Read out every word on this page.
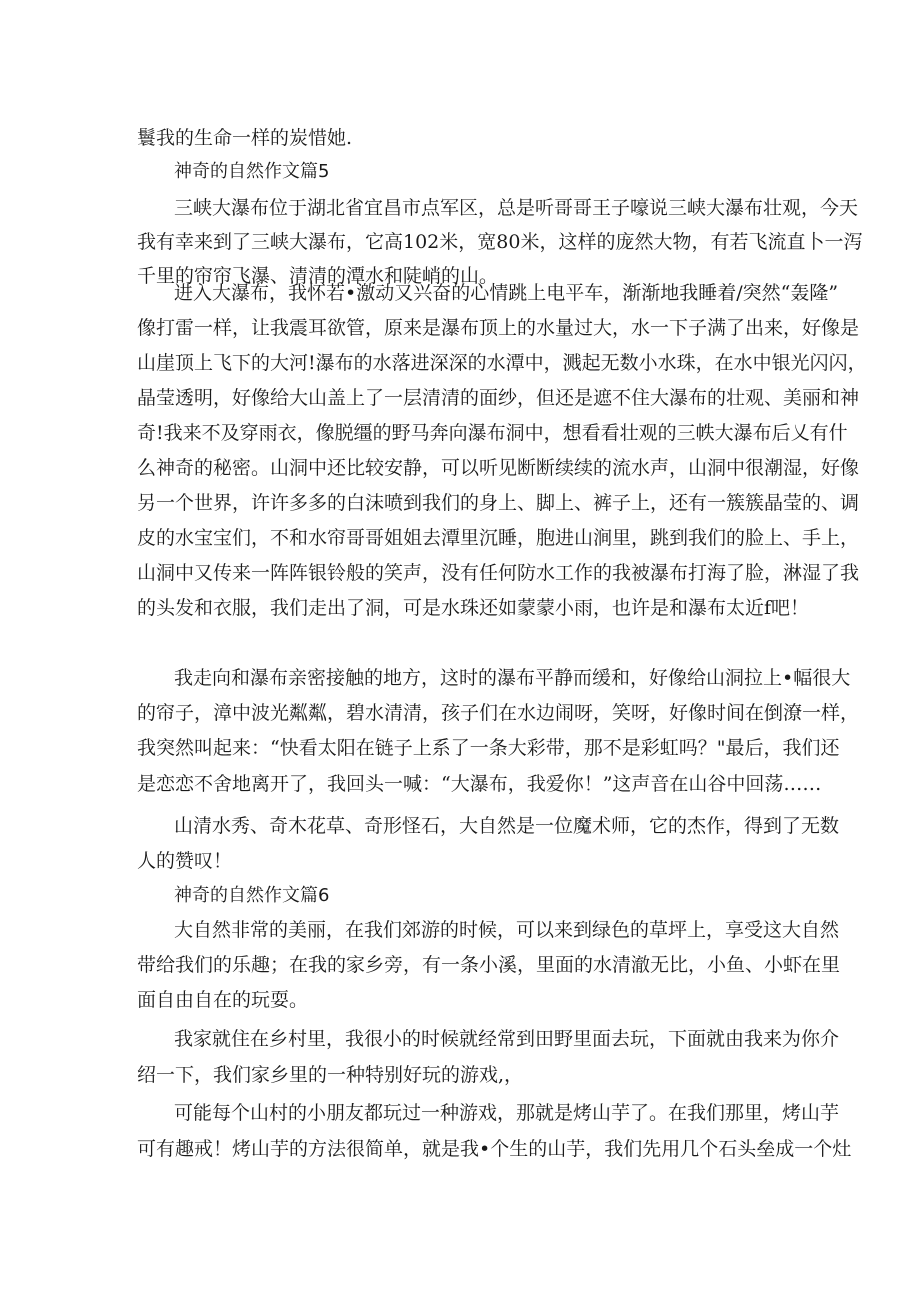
鬟我的生命一样的炭惜她.
神奇的自然作文篇5
三峡大瀑布位于湖北省宜昌市点军区，总是听哥哥王子嚎说三峡大瀑布壮观，今天
我有幸来到了三峡大瀑布，它高102米，宽80米，这样的庞然大物，有若飞流直卜一泻
千里的帘帘飞瀑、清清的潭水和陡峭的山。
进入大瀑布，我怀若•激动又兴奋的心情跳上电平车，渐渐地我睡着/突然“轰隆”
像打雷一样，让我震耳欲管，原来是瀑布顶上的水量过大，水一下子满了出来，好像是
山崖顶上飞下的大河!瀑布的水落进深深的水潭中，溅起无数小水珠，在水中银光闪闪，
晶莹透明，好像给大山盖上了一层清清的面纱，但还是遮不住大瀑布的壮观、美丽和神
奇!我来不及穿雨衣，像脱缰的野马奔向瀑布洞中，想看看壮观的三帙大瀑布后乂有什
么神奇的秘密。山洞中还比较安静，可以听见断断续续的流水声，山洞中很潮湿，好像
另一个世界，许许多多的白沫喷到我们的身上、脚上、裤子上，还有一簇簇晶莹的、调
皮的水宝宝们，不和水帘哥哥姐姐去潭里沉睡，胞进山涧里，跳到我们的脸上、手上，
山洞中又传来一阵阵银铃般的笑声，没有任何防水工作的我被瀑布打海了脸，淋湿了我
的头发和衣服，我们走出了洞，可是水珠还如蒙蒙小雨，也许是和瀑布太近f吧！
我走向和瀑布亲密接触的地方，这时的瀑布平静而缓和，好像给山洞拉上•幅很大
的帘子，漳中波光粼粼，碧水清清，孩子们在水边闹呀，笑呀，好像时间在倒潦一样，
我突然叫起来：“快看太阳在链子上系了一条大彩带，那不是彩虹吗？"最后，我们还
是恋恋不舍地离开了，我回头一喊：“大瀑布，我爱你！”这声音在山谷中回荡……
山清水秀、奇木花草、奇形怪石，大自然是一位魔术师，它的杰作，得到了无数
人的赞叹！
神奇的自然作文篇6
大自然非常的美丽，在我们郊游的时候，可以来到绿色的草坪上，享受这大自然
带给我们的乐趣；在我的家乡旁，有一条小溪，里面的水清澈无比，小鱼、小虾在里
面自由自在的玩耍。
我家就住在乡村里，我很小的时候就经常到田野里面去玩，下面就由我来为你介
绍一下，我们家乡里的一种特别好玩的游戏,，
可能每个山村的小朋友都玩过一种游戏，那就是烤山芋了。在我们那里，烤山芋
可有趣戒！烤山芋的方法很简单，就是我•个生的山芋，我们先用几个石头垒成一个灶
